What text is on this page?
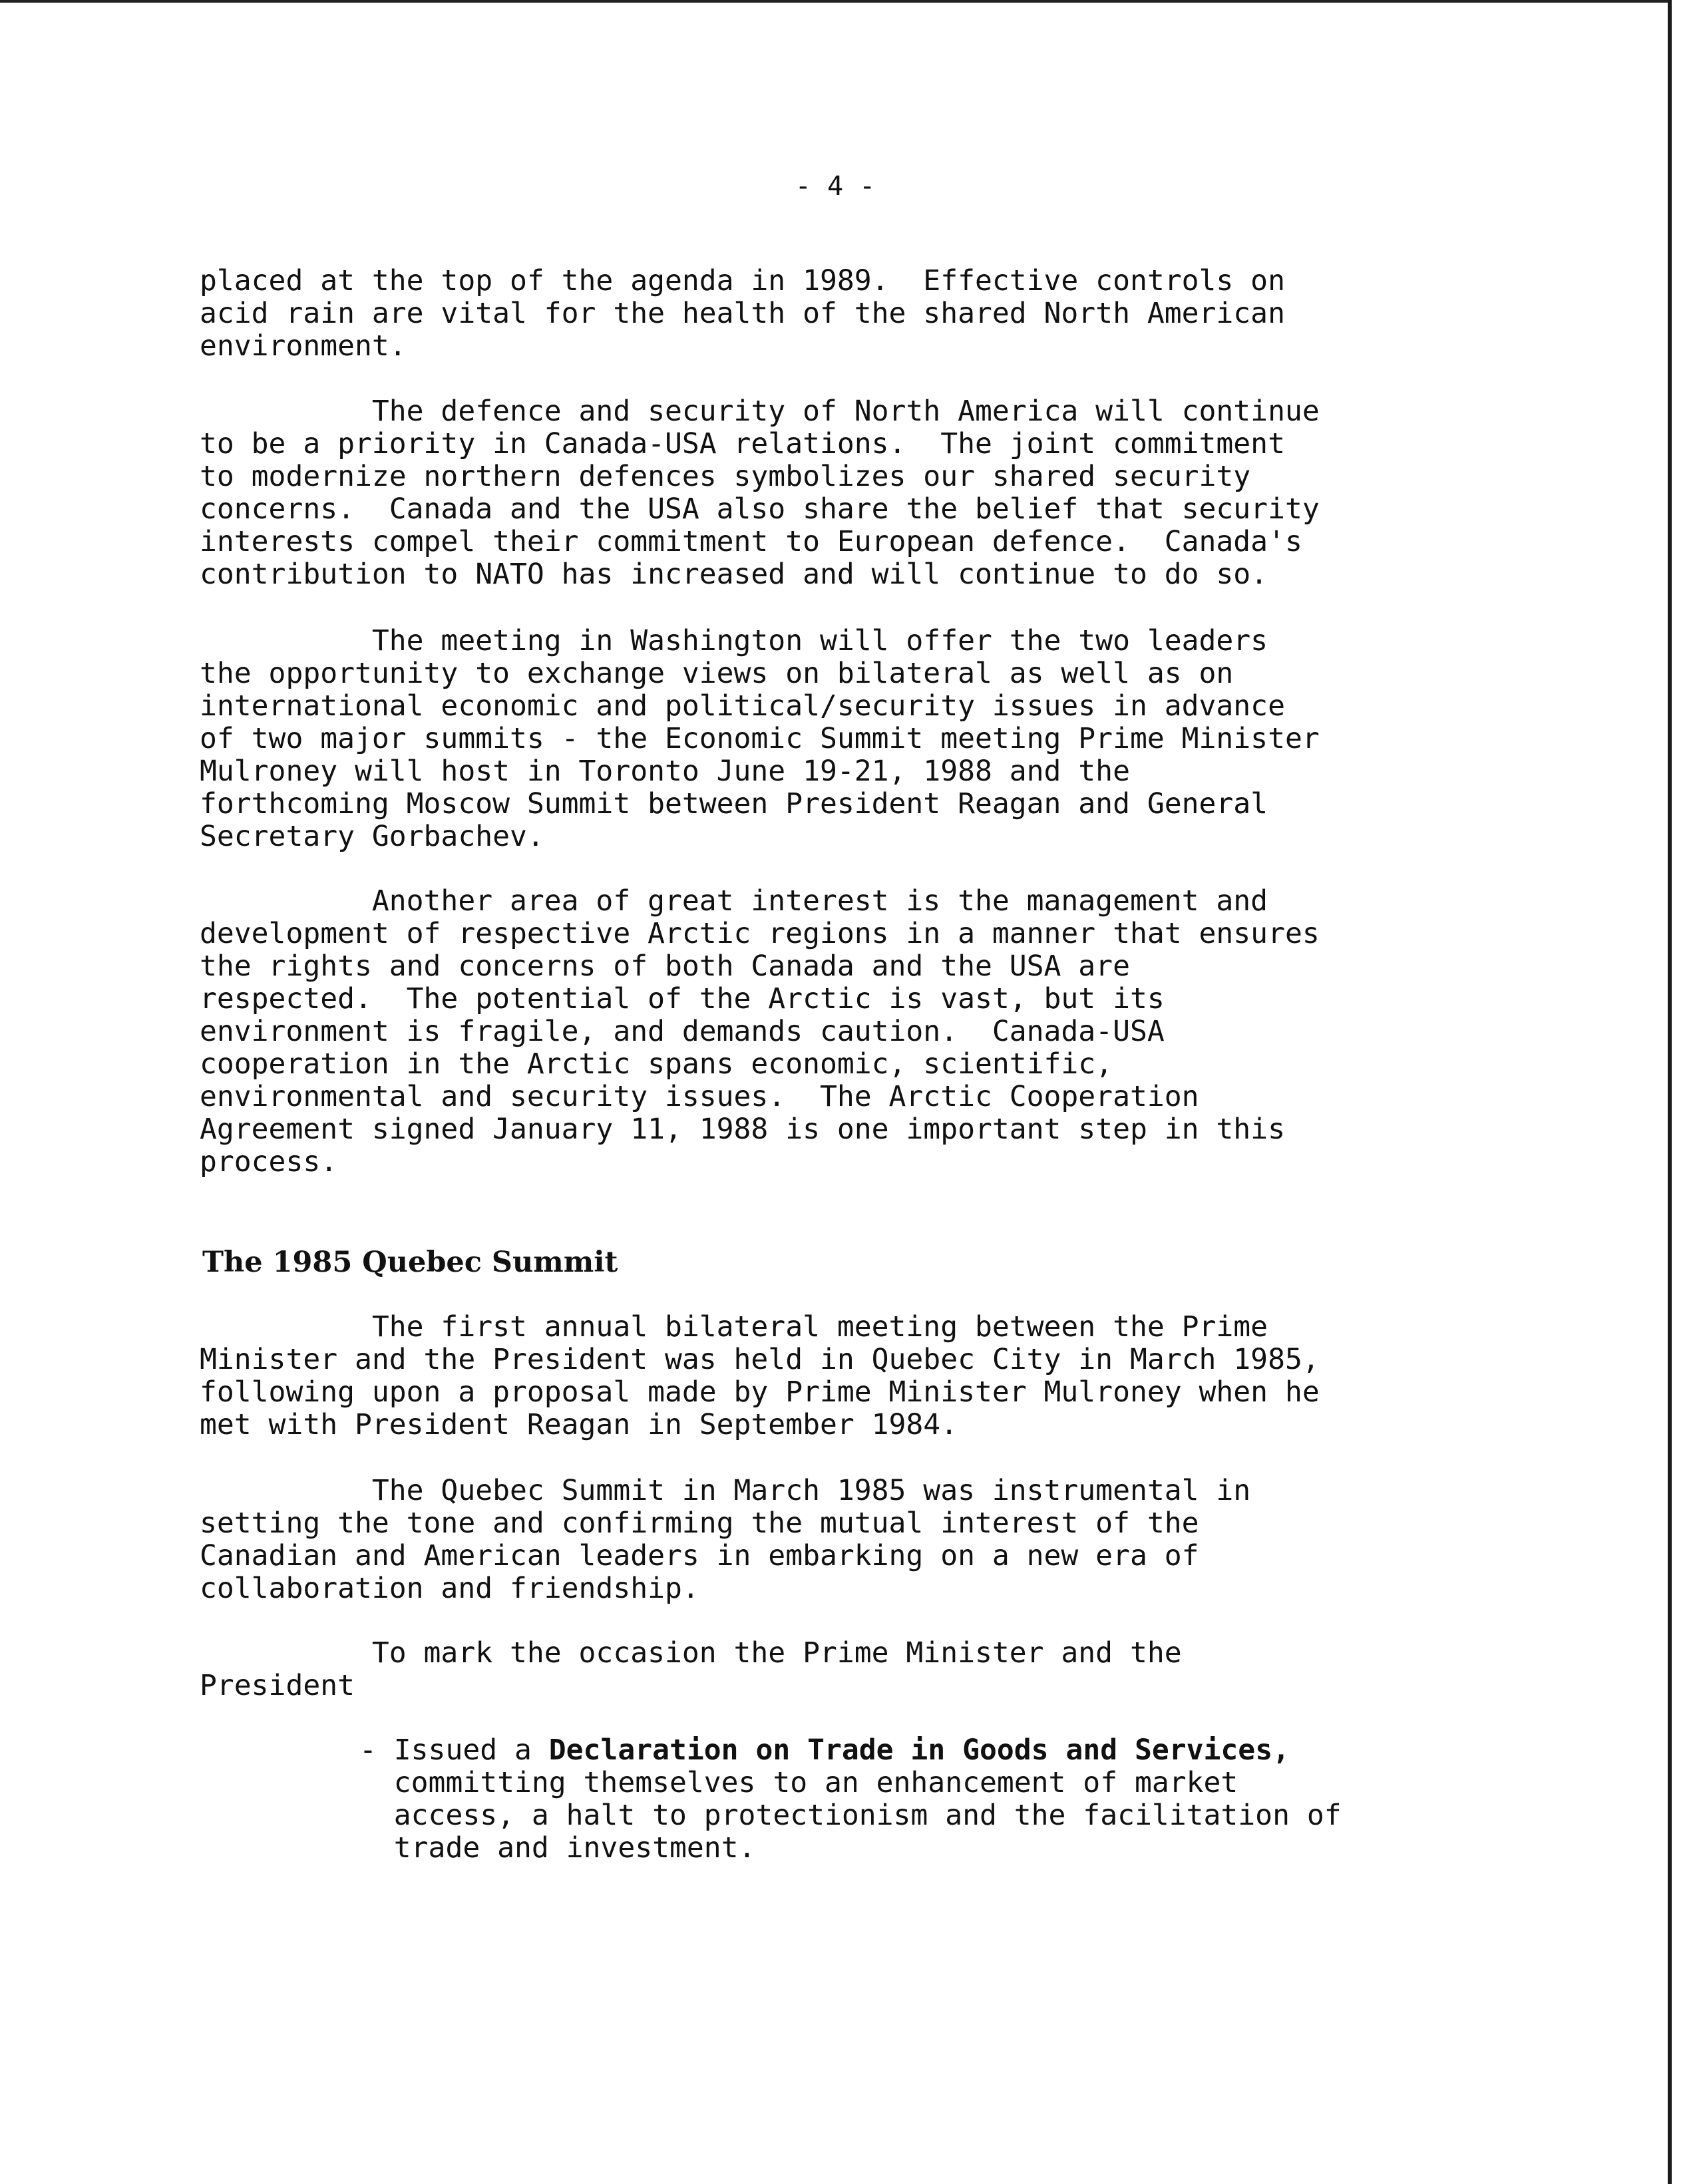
- 4 -
placed at the top of the agenda in 1989.  Effective controls on
acid rain are vital for the health of the shared North American
environment.
The defence and security of North America will continue
to be a priority in Canada-USA relations.  The joint commitment
to modernize northern defences symbolizes our shared security
concerns.  Canada and the USA also share the belief that security
interests compel their commitment to European defence.  Canada's
contribution to NATO has increased and will continue to do so.
The meeting in Washington will offer the two leaders
the opportunity to exchange views on bilateral as well as on
international economic and political/security issues in advance
of two major summits - the Economic Summit meeting Prime Minister
Mulroney will host in Toronto June 19-21, 1988 and the
forthcoming Moscow Summit between President Reagan and General
Secretary Gorbachev.
Another area of great interest is the management and
development of respective Arctic regions in a manner that ensures
the rights and concerns of both Canada and the USA are
respected.  The potential of the Arctic is vast, but its
environment is fragile, and demands caution.  Canada-USA
cooperation in the Arctic spans economic, scientific,
environmental and security issues.  The Arctic Cooperation
Agreement signed January 11, 1988 is one important step in this
process.
The 1985 Quebec Summit
The first annual bilateral meeting between the Prime
Minister and the President was held in Quebec City in March 1985,
following upon a proposal made by Prime Minister Mulroney when he
met with President Reagan in September 1984.
The Quebec Summit in March 1985 was instrumental in
setting the tone and confirming the mutual interest of the
Canadian and American leaders in embarking on a new era of
collaboration and friendship.
To mark the occasion the Prime Minister and the
President
- Issued a Declaration on Trade in Goods and Services,
committing themselves to an enhancement of market
access, a halt to protectionism and the facilitation of
trade and investment.
